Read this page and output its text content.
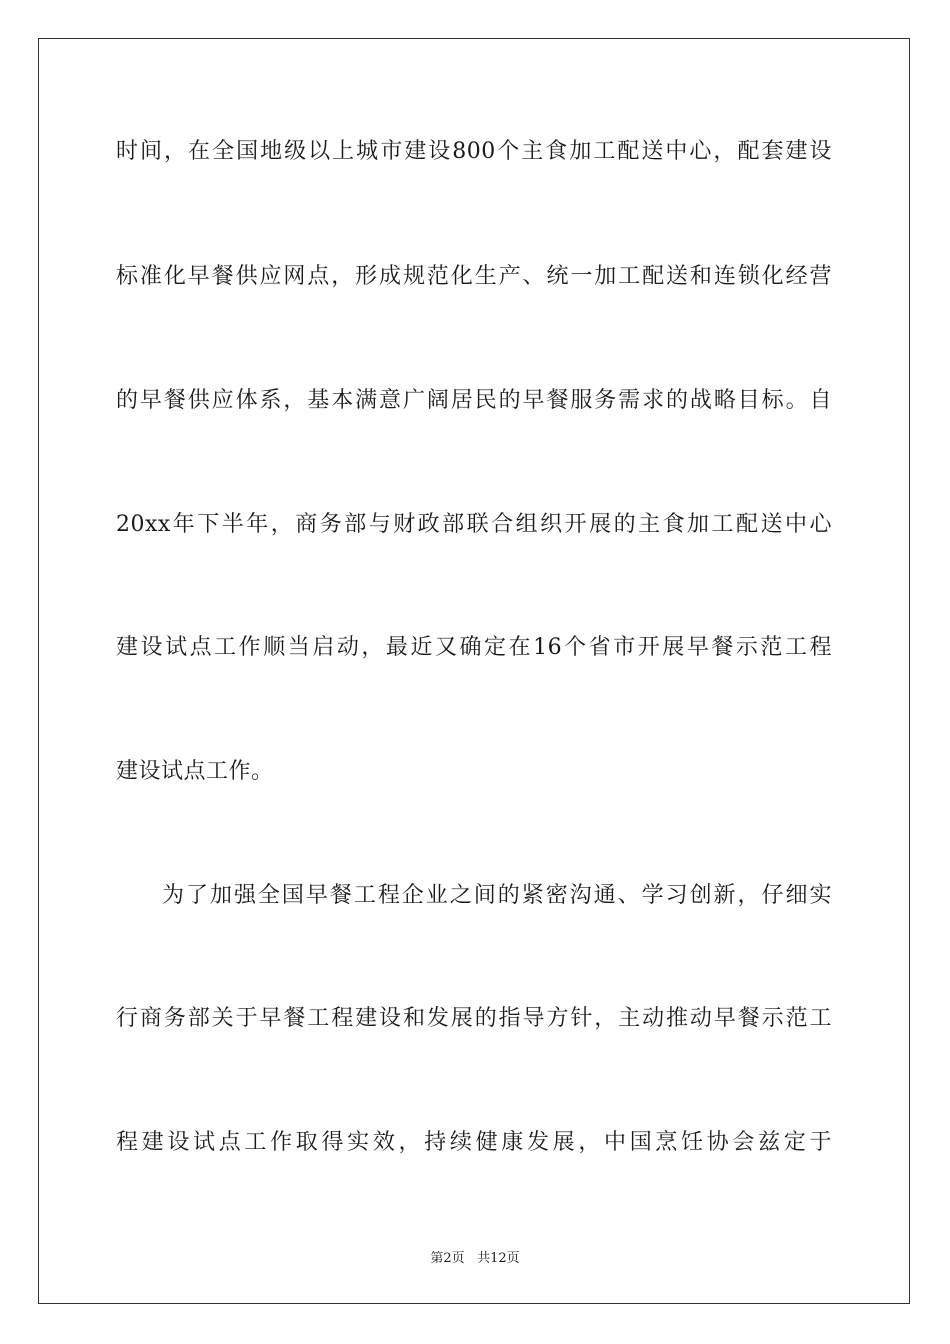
时间，在全国地级以上城市建设800个主食加工配送中心，配套建设
标准化早餐供应网点，形成规范化生产、统一加工配送和连锁化经营
的早餐供应体系，基本满意广阔居民的早餐服务需求的战略目标。自
20xx年下半年，商务部与财政部联合组织开展的主食加工配送中心
建设试点工作顺当启动，最近又确定在16个省市开展早餐示范工程
建设试点工作。
为了加强全国早餐工程企业之间的紧密沟通、学习创新，仔细实
行商务部关于早餐工程建设和发展的指导方针，主动推动早餐示范工
程建设试点工作取得实效，持续健康发展，中国烹饪协会兹定于
第2页 共12页
